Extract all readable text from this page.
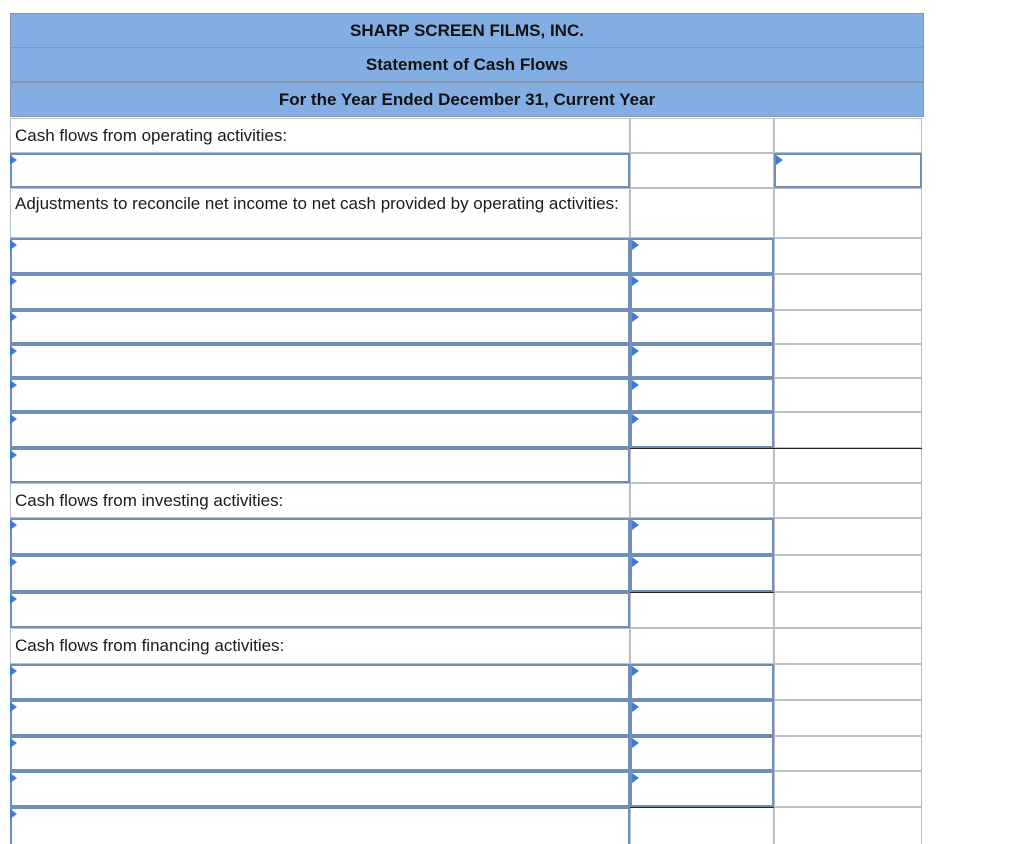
SHARP SCREEN FILMS, INC.
Statement of Cash Flows
For the Year Ended December 31, Current Year
Cash flows from operating activities:
Adjustments to reconcile net income to net cash provided by operating activities:
Cash flows from investing activities:
Cash flows from financing activities:
